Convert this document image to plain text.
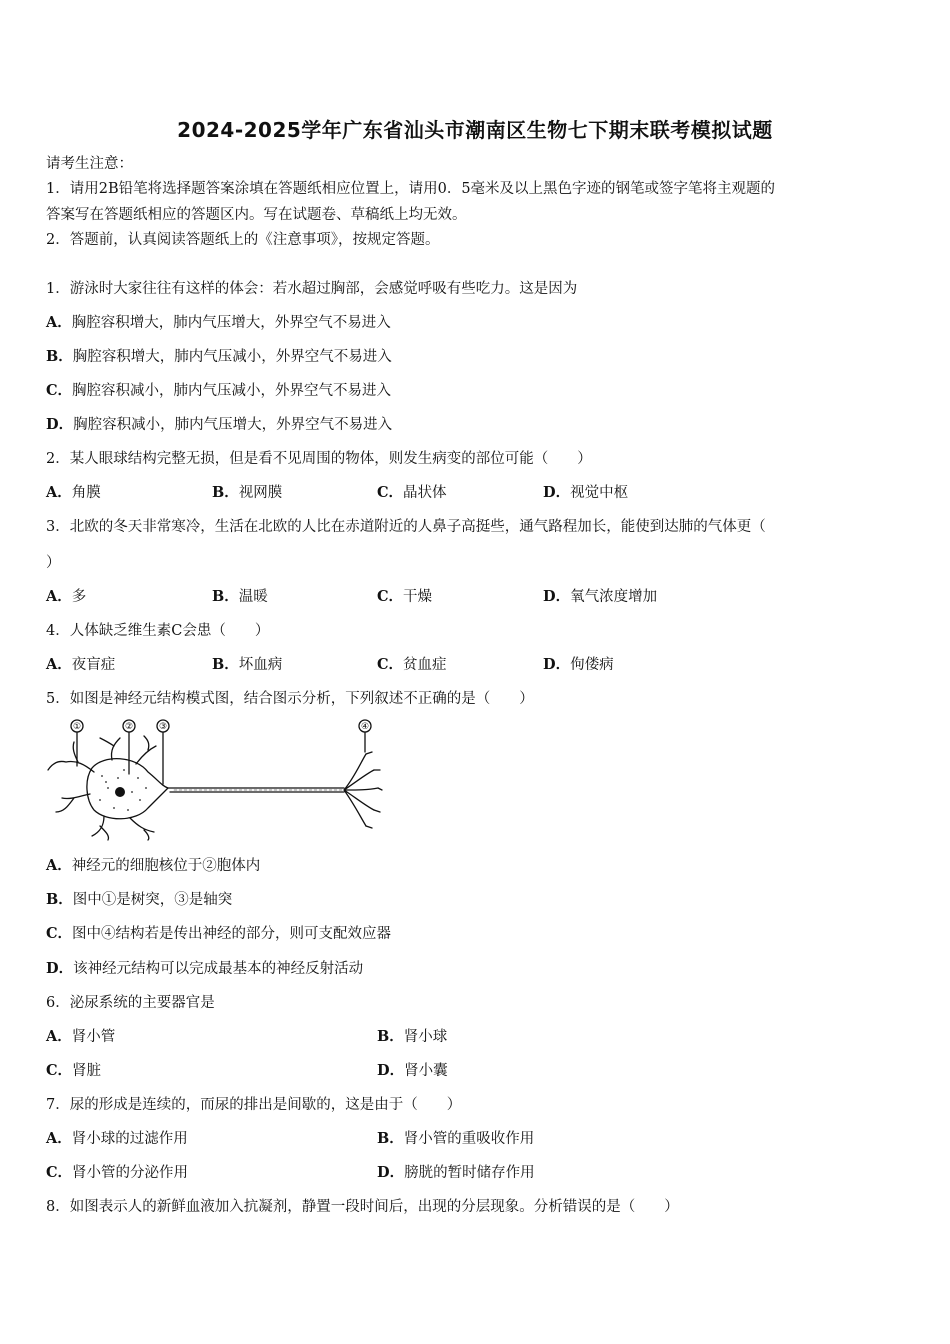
2024-2025学年广东省汕头市潮南区生物七下期末联考模拟试题
请考生注意：
1．请用2B铅笔将选择题答案涂填在答题纸相应位置上，请用0．5毫米及以上黑色字迹的钢笔或签字笔将主观题的
答案写在答题纸相应的答题区内。写在试题卷、草稿纸上均无效。
2．答题前，认真阅读答题纸上的《注意事项》，按规定答题。
1．游泳时大家往往有这样的体会：若水超过胸部，会感觉呼吸有些吃力。这是因为
A．胸腔容积增大，肺内气压增大，外界空气不易进入
B．胸腔容积增大，肺内气压减小，外界空气不易进入
C．胸腔容积减小，肺内气压减小，外界空气不易进入
D．胸腔容积减小，肺内气压增大，外界空气不易进入
2．某人眼球结构完整无损，但是看不见周围的物体，则发生病变的部位可能（　　）
A．角膜	B．视网膜	C．晶状体	D．视觉中枢
3．北欧的冬天非常寒冷，生活在北欧的人比在赤道附近的人鼻子高挺些，通气路程加长，能使到达肺的气体更（
）
A．多	B．温暖	C．干燥	D．氧气浓度增加
4．人体缺乏维生素C会患（　　）
A．夜盲症	B．坏血病	C．贫血症	D．佝偻病
5．如图是神经元结构模式图，结合图示分析，下列叙述不正确的是（　　）
①	②	③	④
A．神经元的细胞核位于②胞体内
B．图中①是树突，③是轴突
C．图中④结构若是传出神经的部分，则可支配效应器
D．该神经元结构可以完成最基本的神经反射活动
6．泌尿系统的主要器官是
A．肾小管	B．肾小球
C．肾脏	D．肾小囊
7．尿的形成是连续的，而尿的排出是间歇的，这是由于（　　）
A．肾小球的过滤作用	B．肾小管的重吸收作用
C．肾小管的分泌作用	D．膀胱的暂时储存作用
8．如图表示人的新鲜血液加入抗凝剂，静置一段时间后，出现的分层现象。分析错误的是（　　）
